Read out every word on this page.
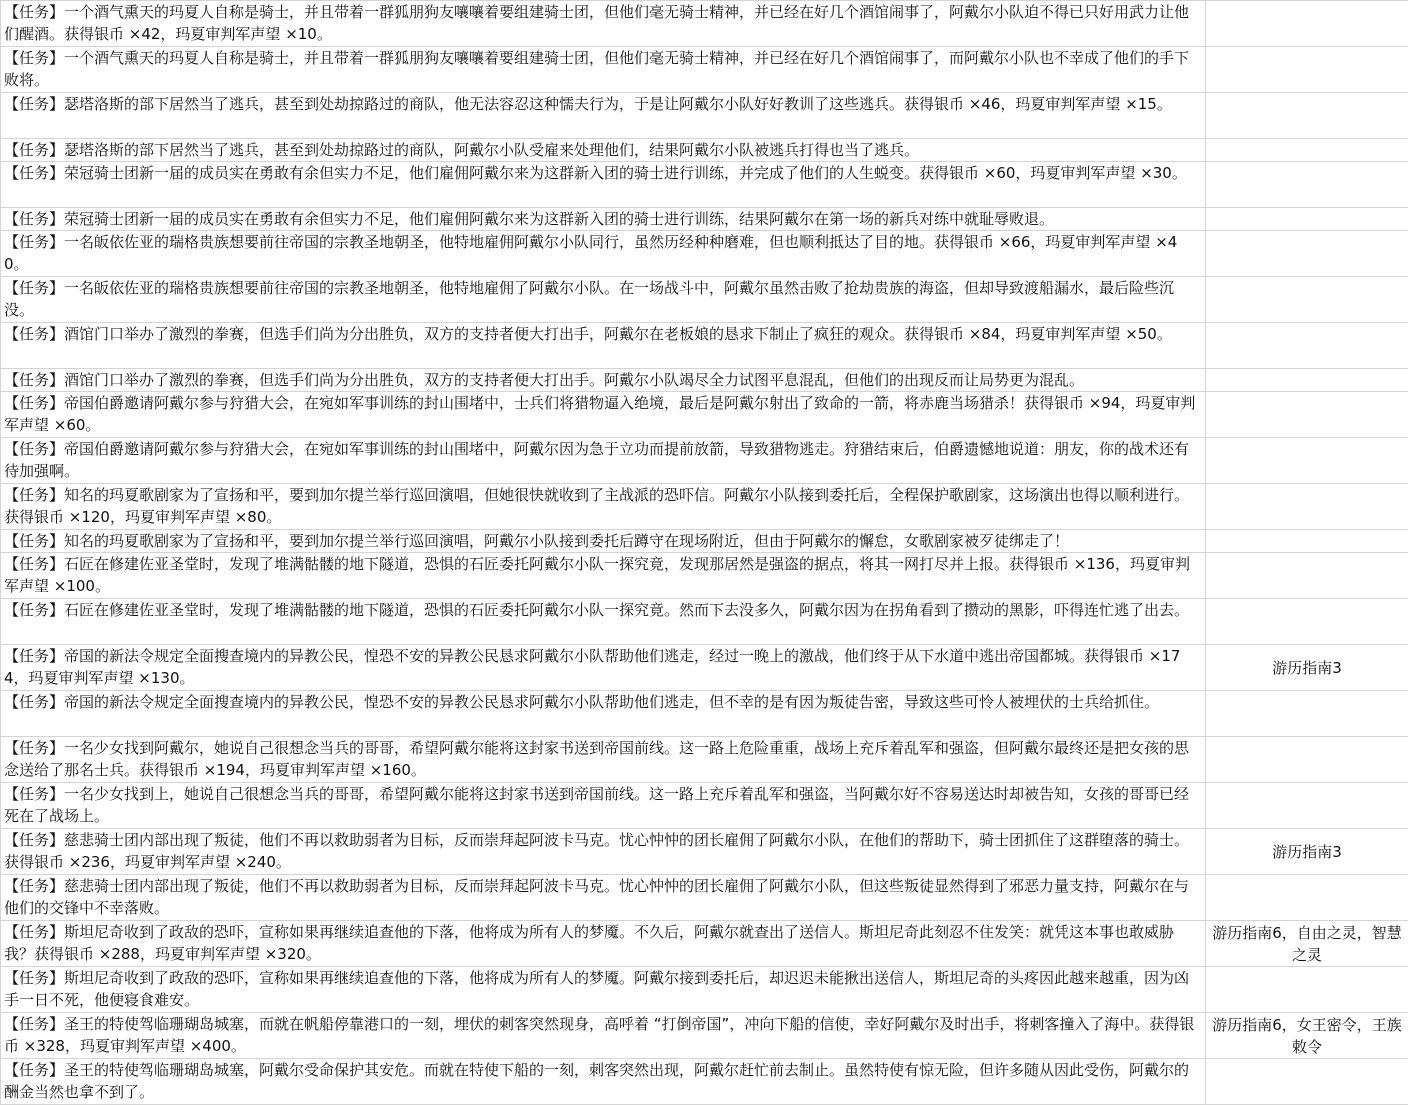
【任务】一个酒气熏天的玛夏人自称是骑士，并且带着一群狐朋狗友嚷嚷着要组建骑士团，但他们毫无骑士精神，并已经在好几个酒馆闹事了，阿戴尔小队迫不得已只好用武力让他们醒酒。获得银币 ×42，玛夏审判军声望 ×10。	
【任务】一个酒气熏天的玛夏人自称是骑士，并且带着一群狐朋狗友嚷嚷着要组建骑士团，但他们毫无骑士精神，并已经在好几个酒馆闹事了，而阿戴尔小队也不幸成了他们的手下败将。	
【任务】瑟塔洛斯的部下居然当了逃兵，甚至到处劫掠路过的商队，他无法容忍这种懦夫行为，于是让阿戴尔小队好好教训了这些逃兵。获得银币 ×46，玛夏审判军声望 ×15。	
【任务】瑟塔洛斯的部下居然当了逃兵，甚至到处劫掠路过的商队，阿戴尔小队受雇来处理他们，结果阿戴尔小队被逃兵打得也当了逃兵。	
【任务】荣冠骑士团新一届的成员实在勇敢有余但实力不足，他们雇佣阿戴尔来为这群新入团的骑士进行训练，并完成了他们的人生蜕变。获得银币 ×60，玛夏审判军声望 ×30。	
【任务】荣冠骑士团新一届的成员实在勇敢有余但实力不足，他们雇佣阿戴尔来为这群新入团的骑士进行训练，结果阿戴尔在第一场的新兵对练中就耻辱败退。	
【任务】一名皈依佐亚的瑞格贵族想要前往帝国的宗教圣地朝圣，他特地雇佣阿戴尔小队同行，虽然历经种种磨难，但也顺利抵达了目的地。获得银币 ×66，玛夏审判军声望 ×40。	
【任务】一名皈依佐亚的瑞格贵族想要前往帝国的宗教圣地朝圣，他特地雇佣了阿戴尔小队。在一场战斗中，阿戴尔虽然击败了抢劫贵族的海盗，但却导致渡船漏水，最后险些沉没。	
【任务】酒馆门口举办了激烈的拳赛，但选手们尚为分出胜负，双方的支持者便大打出手，阿戴尔在老板娘的恳求下制止了疯狂的观众。获得银币 ×84，玛夏审判军声望 ×50。	
【任务】酒馆门口举办了激烈的拳赛，但选手们尚为分出胜负，双方的支持者便大打出手。阿戴尔小队竭尽全力试图平息混乱，但他们的出现反而让局势更为混乱。	
【任务】帝国伯爵邀请阿戴尔参与狩猎大会，在宛如军事训练的封山围堵中，士兵们将猎物逼入绝境，最后是阿戴尔射出了致命的一箭，将赤鹿当场猎杀！获得银币 ×94，玛夏审判军声望 ×60。	
【任务】帝国伯爵邀请阿戴尔参与狩猎大会，在宛如军事训练的封山围堵中，阿戴尔因为急于立功而提前放箭，导致猎物逃走。狩猎结束后，伯爵遗憾地说道：朋友，你的战术还有待加强啊。	
【任务】知名的玛夏歌剧家为了宣扬和平，要到加尔提兰举行巡回演唱，但她很快就收到了主战派的恐吓信。阿戴尔小队接到委托后，全程保护歌剧家，这场演出也得以顺利进行。获得银币 ×120，玛夏审判军声望 ×80。	
【任务】知名的玛夏歌剧家为了宣扬和平，要到加尔提兰举行巡回演唱，阿戴尔小队接到委托后蹲守在现场附近，但由于阿戴尔的懈怠，女歌剧家被歹徒绑走了！	
【任务】石匠在修建佐亚圣堂时，发现了堆满骷髅的地下隧道，恐惧的石匠委托阿戴尔小队一探究竟，发现那居然是强盗的据点，将其一网打尽并上报。获得银币 ×136，玛夏审判军声望 ×100。	
【任务】石匠在修建佐亚圣堂时，发现了堆满骷髅的地下隧道，恐惧的石匠委托阿戴尔小队一探究竟。然而下去没多久，阿戴尔因为在拐角看到了攒动的黑影，吓得连忙逃了出去。	
【任务】帝国的新法令规定全面搜查境内的异教公民，惶恐不安的异教公民恳求阿戴尔小队帮助他们逃走，经过一晚上的激战，他们终于从下水道中逃出帝国都城。获得银币 ×174，玛夏审判军声望 ×130。	游历指南3
【任务】帝国的新法令规定全面搜查境内的异教公民，惶恐不安的异教公民恳求阿戴尔小队帮助他们逃走，但不幸的是有因为叛徒告密，导致这些可怜人被埋伏的士兵给抓住。	
【任务】一名少女找到阿戴尔，她说自己很想念当兵的哥哥，希望阿戴尔能将这封家书送到帝国前线。这一路上危险重重，战场上充斥着乱军和强盗，但阿戴尔最终还是把女孩的思念送给了那名士兵。获得银币 ×194，玛夏审判军声望 ×160。	
【任务】一名少女找到上，她说自己很想念当兵的哥哥，希望阿戴尔能将这封家书送到帝国前线。这一路上充斥着乱军和强盗，当阿戴尔好不容易送达时却被告知，女孩的哥哥已经死在了战场上。	
【任务】慈悲骑士团内部出现了叛徒，他们不再以救助弱者为目标，反而崇拜起阿波卡马克。忧心忡忡的团长雇佣了阿戴尔小队，在他们的帮助下，骑士团抓住了这群堕落的骑士。获得银币 ×236，玛夏审判军声望 ×240。	游历指南3
【任务】慈悲骑士团内部出现了叛徒，他们不再以救助弱者为目标，反而崇拜起阿波卡马克。忧心忡忡的团长雇佣了阿戴尔小队，但这些叛徒显然得到了邪恶力量支持，阿戴尔在与他们的交锋中不幸落败。	
【任务】斯坦尼奇收到了政敌的恐吓，宣称如果再继续追查他的下落，他将成为所有人的梦魇。不久后，阿戴尔就查出了送信人。斯坦尼奇此刻忍不住发笑：就凭这本事也敢威胁我？获得银币 ×288，玛夏审判军声望 ×320。	游历指南6，自由之灵，智慧之灵
【任务】斯坦尼奇收到了政敌的恐吓，宣称如果再继续追查他的下落，他将成为所有人的梦魇。阿戴尔接到委托后，却迟迟未能揪出送信人，斯坦尼奇的头疼因此越来越重，因为凶手一日不死，他便寝食难安。	
【任务】圣王的特使驾临珊瑚岛城塞，而就在帆船停靠港口的一刻，埋伏的刺客突然现身，高呼着 “打倒帝国”，冲向下船的信使，幸好阿戴尔及时出手，将刺客撞入了海中。获得银币 ×328，玛夏审判军声望 ×400。	游历指南6，女王密令，王族敕令
【任务】圣王的特使驾临珊瑚岛城塞，阿戴尔受命保护其安危。而就在特使下船的一刻，刺客突然出现，阿戴尔赶忙前去制止。虽然特使有惊无险，但许多随从因此受伤，阿戴尔的酬金当然也拿不到了。	
